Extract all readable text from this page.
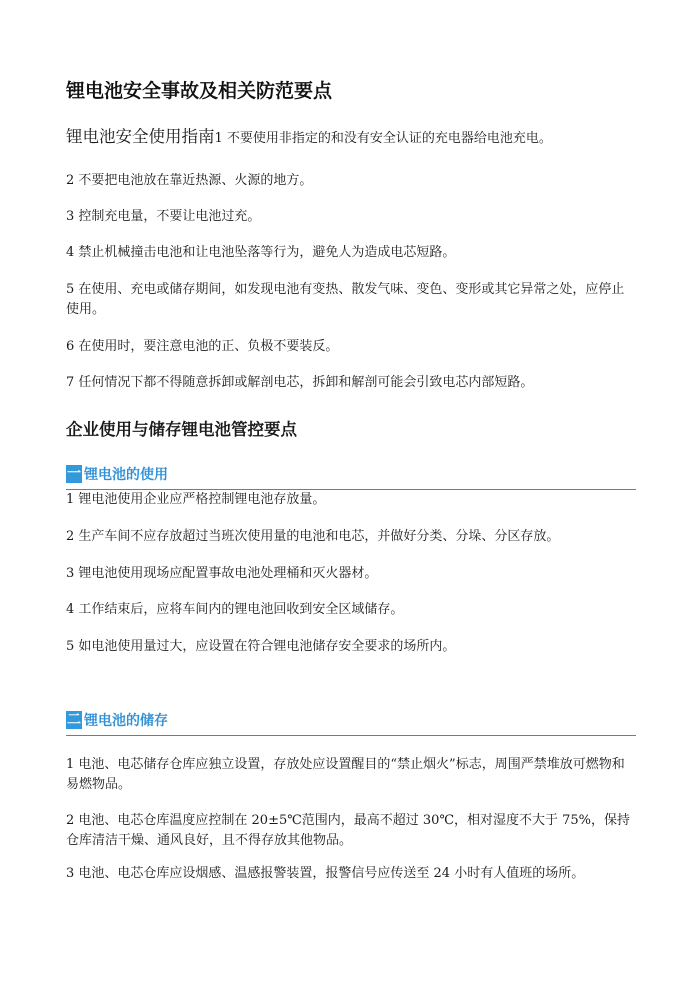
锂电池安全事故及相关防范要点

锂电池安全使用指南1 不要使用非指定的和没有安全认证的充电器给电池充电。

2 不要把电池放在靠近热源、火源的地方。

3 控制充电量，不要让电池过充。

4 禁止机械撞击电池和让电池坠落等行为，避免人为造成电芯短路。

5 在使用、充电或储存期间，如发现电池有变热、散发气味、变色、变形或其它异常之处，应停止使用。

6 在使用时，要注意电池的正、负极不要装反。

7 任何情况下都不得随意拆卸或解剖电芯，拆卸和解剖可能会引致电芯内部短路。

企业使用与储存锂电池管控要点
一 锂电池的使用

1 锂电池使用企业应严格控制锂电池存放量。

2 生产车间不应存放超过当班次使用量的电池和电芯，并做好分类、分垛、分区存放。

3 锂电池使用现场应配置事故电池处理桶和灭火器材。

4 工作结束后，应将车间内的锂电池回收到安全区域储存。

5 如电池使用量过大，应设置在符合锂电池储存安全要求的场所内。

二 锂电池的储存

1 电池、电芯储存仓库应独立设置，存放处应设置醒目的“禁止烟火”标志，周围严禁堆放可燃物和易燃物品。

2 电池、电芯仓库温度应控制在 20±5℃范围内，最高不超过 30℃，相对湿度不大于 75%，保持仓库清洁干燥、通风良好，且不得存放其他物品。

3 电池、电芯仓库应设烟感、温感报警装置，报警信号应传送至 24 小时有人值班的场所。
